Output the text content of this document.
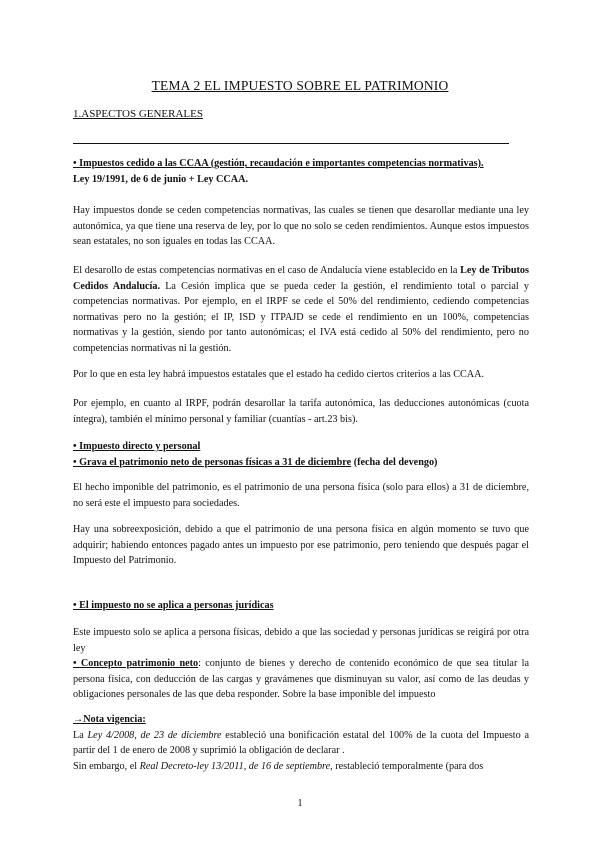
TEMA 2 EL IMPUESTO SOBRE EL PATRIMONIO
1.ASPECTOS GENERALES

• Impuestos cedido a las CCAA (gestión, recaudación e importantes competencias normativas).
Ley 19/1991, de 6 de junio + Ley CCAA.

Hay impuestos donde se ceden competencias normativas, las cuales se tienen que desarollar mediante una ley autonómica, ya que tiene una reserva de ley, por lo que no solo se ceden rendimientos. Aunque estos impuestos sean estatales, no son iguales en todas las CCAA.

El desarollo de estas competencias normativas en el caso de Andalucía viene establecido en la Ley de Tributos Cedidos Andalucía. La Cesión implica que se pueda ceder la gestión, el rendimiento total o parcial y competencias normativas. Por ejemplo, en el IRPF se cede el 50% del rendimiento, cediendo competencias normativas pero no la gestión; el IP, ISD y ITPAJD se cede el rendimiento en un 100%, competencias normativas y la gestión, siendo por tanto autonómicas; el IVA está cedido al 50% del rendimiento, pero no competencias normativas ni la gestión.

Por lo que en esta ley habrá impuestos estatales que el estado ha cedido ciertos criterios a las CCAA.

Por ejemplo, en cuanto al IRPF, podrán desarollar la tarifa autonómica, las deducciones autonómicas (cuota íntegra), también el mínimo personal y familiar (cuantías - art.23 bis).

• Impuesto directo y personal
• Grava el patrimonio neto de personas físicas a 31 de diciembre (fecha del devengo)

El hecho imponible del patrimonio, es el patrimonio de una persona física (solo para ellos) a 31 de diciembre, no será este el impuesto para sociedades.

Hay una sobreexposición, debido a que el patrimonio de una persona física en algún momento se tuvo que adquirir; habiendo entonces pagado antes un impuesto por ese patrimonio, pero teniendo que después pagar el Impuesto del Patrimonio.

• El impuesto no se aplica a personas jurídicas

Este impuesto solo se aplica a persona físicas, debido a que las sociedad y personas jurídicas se reigirá por otra ley

• Concepto patrimonio neto: conjunto de bienes y derecho de contenido económico de que sea titular la persona física, con deducción de las cargas y gravámenes que disminuyan su valor, así como de las deudas y obligaciones personales de las que deba responder. Sobre la base imponible del impuesto

→Nota vigencia:
La Ley 4/2008, de 23 de diciembre estableció una bonificación estatal del 100% de la cuota del Impuesto a partir del 1 de enero de 2008 y suprimió la obligación de declarar .
Sin embargo, el Real Decreto-ley 13/2011, de 16 de septiembre, restableció temporalmente (para dos

1
